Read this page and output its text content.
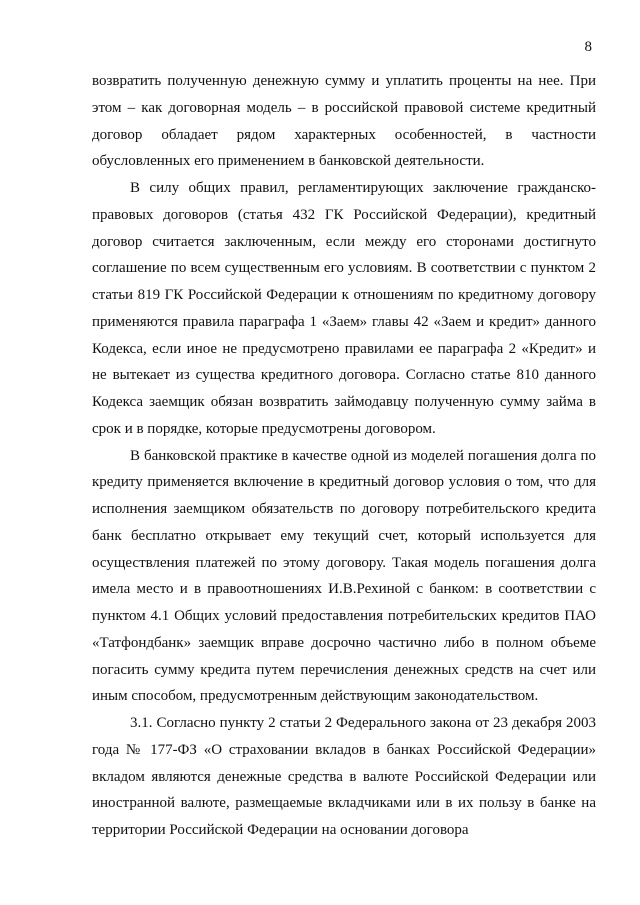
8

возвратить полученную денежную сумму и уплатить проценты на нее. При этом – как договорная модель – в российской правовой системе кредитный договор обладает рядом характерных особенностей, в частности обусловленных его применением в банковской деятельности.

В силу общих правил, регламентирующих заключение гражданско-правовых договоров (статья 432 ГК Российской Федерации), кредитный договор считается заключенным, если между его сторонами достигнуто соглашение по всем существенным его условиям. В соответствии с пунктом 2 статьи 819 ГК Российской Федерации к отношениям по кредитному договору применяются правила параграфа 1 «Заем» главы 42 «Заем и кредит» данного Кодекса, если иное не предусмотрено правилами ее параграфа 2 «Кредит» и не вытекает из существа кредитного договора. Согласно статье 810 данного Кодекса заемщик обязан возвратить займодавцу полученную сумму займа в срок и в порядке, которые предусмотрены договором.

В банковской практике в качестве одной из моделей погашения долга по кредиту применяется включение в кредитный договор условия о том, что для исполнения заемщиком обязательств по договору потребительского кредита банк бесплатно открывает ему текущий счет, который используется для осуществления платежей по этому договору. Такая модель погашения долга имела место и в правоотношениях И.В.Рехиной с банком: в соответствии с пунктом 4.1 Общих условий предоставления потребительских кредитов ПАО «Татфондбанк» заемщик вправе досрочно частично либо в полном объеме погасить сумму кредита путем перечисления денежных средств на счет или иным способом, предусмотренным действующим законодательством.

3.1. Согласно пункту 2 статьи 2 Федерального закона от 23 декабря 2003 года № 177-ФЗ «О страховании вкладов в банках Российской Федерации» вкладом являются денежные средства в валюте Российской Федерации или иностранной валюте, размещаемые вкладчиками или в их пользу в банке на территории Российской Федерации на основании договора
